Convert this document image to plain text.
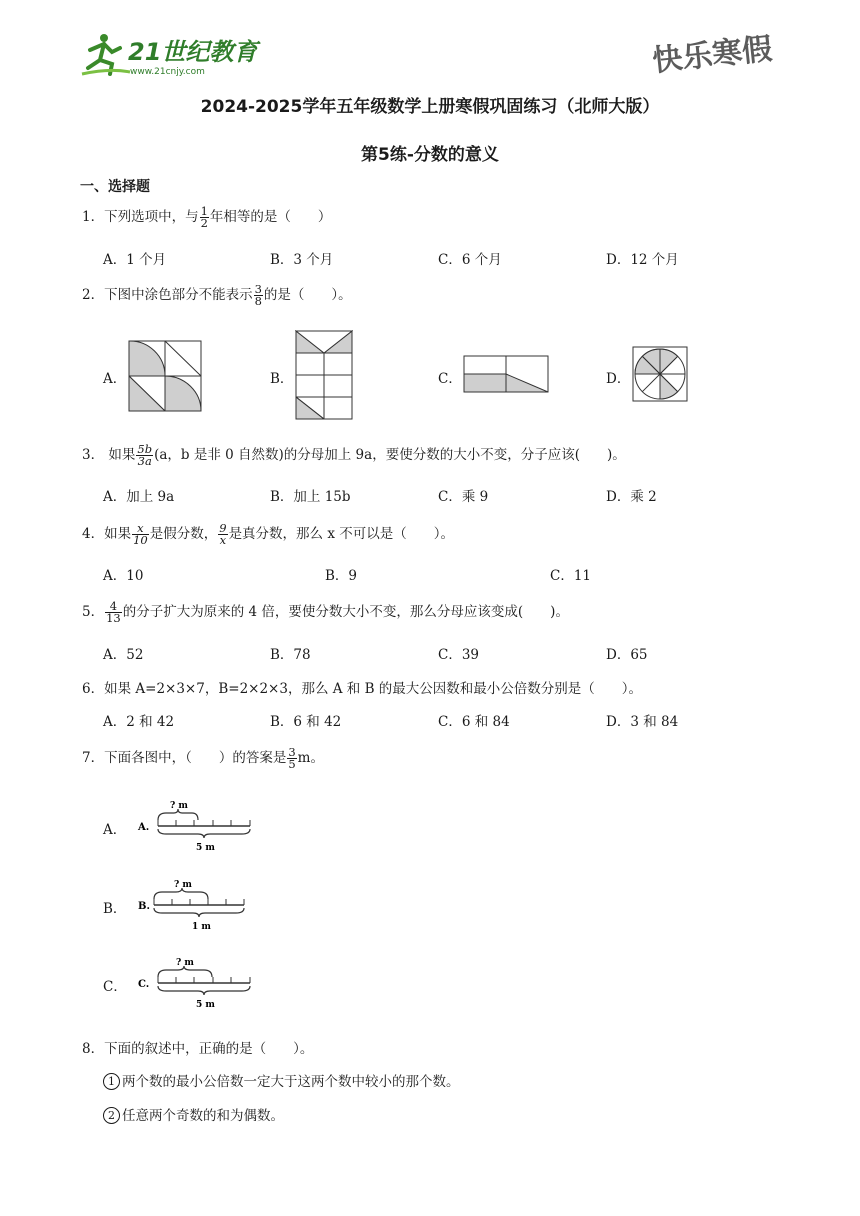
21世纪教育
www.21cnjy.com	快乐寒假
2024-2025学年五年级数学上册寒假巩固练习（北师大版）
第5练-分数的意义
一、选择题
1．下列选项中，与 $\frac{1}{2}$ 年相等的是（　　）
A．1 个月	B．3 个月	C．6 个月	D．12 个月
2．下图中涂色部分不能表示 $\frac{3}{8}$ 的是（　　）。
A．	B．	C．	D．
3． 如果 $\frac{5b}{3a} (a$，b 是非 0 自然数)的分母加上 9a，要使分数的大小不变，分子应该(　　)。
A．加上 9a	B．加上 15b	C．乘 9	D．乘 2
4．如果 $\frac{x}{10}$ 是假分数， $\frac{9}{x}$ 是真分数，那么 x 不可以是（　　）。
A．10	B．9	C．11
5． $\frac{4}{13}$ 的分子扩大为原来的 4 倍，要使分数大小不变，那么分母应该变成(　　)。
A．52	B．78	C．39	D．65
6．如果 A=2×3×7，B=2×2×3，那么 A 和 B 的最大公因数和最小公倍数分别是（　　）。
A．2 和 42	B．6 和 42	C．6 和 84	D．3 和 84
7．下面各图中，（　　）的答案是 $\frac{3}{5}$ m。
A．
B．
C．
A.
? m
5 m
B.
? m
1 m
C.
? m
5 m
8．下面的叙述中，正确的是（　　）。
1 两个数的最小公倍数一定大于这两个数中较小的那个数。
2 任意两个奇数的和为偶数。
